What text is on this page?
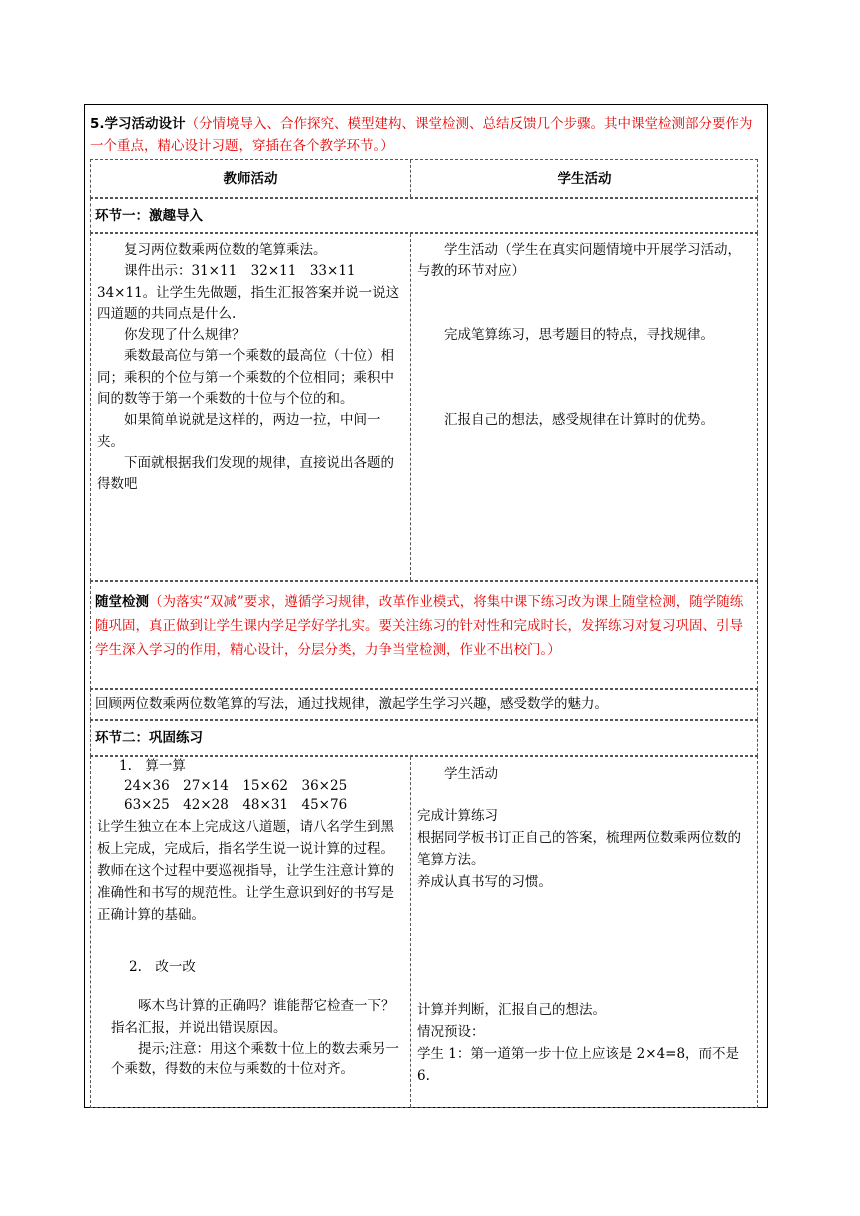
5.学习活动设计（分情境导入、合作探究、模型建构、课堂检测、总结反馈几个步骤。其中课堂检测部分要作为一个重点，精心设计习题，穿插在各个教学环节。）
教师活动	学生活动
环节一：激趣导入

复习两位数乘两位数的笔算乘法。

课件出示：31×11　32×11　33×11　34×11。让学生先做题，指生汇报答案并说一说这四道题的共同点是什么.

你发现了什么规律？

乘数最高位与第一个乘数的最高位（十位）相同；乘积的个位与第一个乘数的个位相同；乘积中间的数等于第一个乘数的十位与个位的和。

如果简单说就是这样的，两边一拉，中间一夹。

下面就根据我们发现的规律，直接说出各题的得数吧

学生活动（学生在真实问题情境中开展学习活动，与教的环节对应）

完成笔算练习，思考题目的特点，寻找规律。

汇报自己的想法，感受规律在计算时的优势。

随堂检测（为落实“双减”要求，遵循学习规律，改革作业模式，将集中课下练习改为课上随堂检测，随学随练随巩固，真正做到让学生课内学足学好学扎实。要关注练习的针对性和完成时长，发挥练习对复习巩固、引导学生深入学习的作用，精心设计，分层分类，力争当堂检测，作业不出校门。）
回顾两位数乘两位数笔算的写法，通过找规律，激起学生学习兴趣，感受数学的魅力。
环节二：巩固练习

1.　算一算

24×36　27×14　15×62　36×25

63×25　42×28　48×31　45×76

让学生独立在本上完成这八道题，请八名学生到黑板上完成，完成后，指名学生说一说计算的过程。教师在这个过程中要巡视指导，让学生注意计算的准确性和书写的规范性。让学生意识到好的书写是正确计算的基础。

2.　改一改

啄木鸟计算的正确吗？谁能帮它检查一下？指名汇报，并说出错误原因。

提示;注意：用这个乘数十位上的数去乘另一个乘数，得数的末位与乘数的十位对齐。

学生活动

完成计算练习

根据同学板书订正自己的答案，梳理两位数乘两位数的笔算方法。

养成认真书写的习惯。

计算并判断，汇报自己的想法。

情况预设：

学生 1：第一道第一步十位上应该是 2×4=8，而不是 6.
